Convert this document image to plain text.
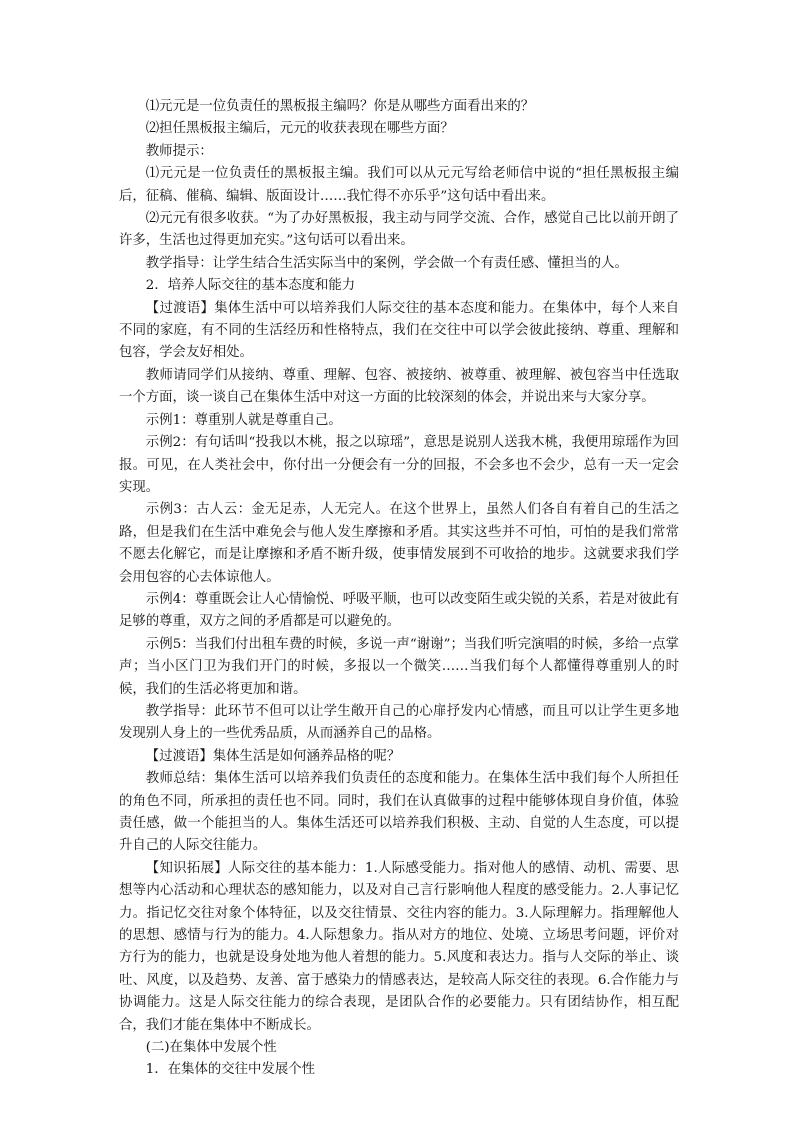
⑴元元是一位负责任的黑板报主编吗？你是从哪些方面看出来的？

⑵担任黑板报主编后，元元的收获表现在哪些方面？

教师提示：

⑴元元是一位负责任的黑板报主编。我们可以从元元写给老师信中说的“担任黑板报主编后，征稿、催稿、编辑、版面设计……我忙得不亦乐乎”这句话中看出来。

⑵元元有很多收获。“为了办好黑板报，我主动与同学交流、合作，感觉自己比以前开朗了许多，生活也过得更加充实。”这句话可以看出来。

教学指导：让学生结合生活实际当中的案例，学会做一个有责任感、懂担当的人。

2．培养人际交往的基本态度和能力

【过渡语】集体生活中可以培养我们人际交往的基本态度和能力。在集体中，每个人来自不同的家庭，有不同的生活经历和性格特点，我们在交往中可以学会彼此接纳、尊重、理解和包容，学会友好相处。

教师请同学们从接纳、尊重、理解、包容、被接纳、被尊重、被理解、被包容当中任选取一个方面，谈一谈自己在集体生活中对这一方面的比较深刻的体会，并说出来与大家分享。

示例1：尊重别人就是尊重自己。

示例2：有句话叫“投我以木桃，报之以琼瑶”，意思是说别人送我木桃，我便用琼瑶作为回报。可见，在人类社会中，你付出一分便会有一分的回报，不会多也不会少，总有一天一定会实现。

示例3：古人云：金无足赤，人无完人。在这个世界上，虽然人们各自有着自己的生活之路，但是我们在生活中难免会与他人发生摩擦和矛盾。其实这些并不可怕，可怕的是我们常常不愿去化解它，而是让摩擦和矛盾不断升级，使事情发展到不可收拾的地步。这就要求我们学会用包容的心去体谅他人。

示例4：尊重既会让人心情愉悦、呼吸平顺，也可以改变陌生或尖锐的关系，若是对彼此有足够的尊重，双方之间的矛盾都是可以避免的。

示例5：当我们付出租车费的时候，多说一声“谢谢”；当我们听完演唱的时候，多给一点掌声；当小区门卫为我们开门的时候，多报以一个微笑……当我们每个人都懂得尊重别人的时候，我们的生活必将更加和谐。

教学指导：此环节不但可以让学生敞开自己的心扉抒发内心情感，而且可以让学生更多地发现别人身上的一些优秀品质，从而涵养自己的品格。

【过渡语】集体生活是如何涵养品格的呢？

教师总结：集体生活可以培养我们负责任的态度和能力。在集体生活中我们每个人所担任的角色不同，所承担的责任也不同。同时，我们在认真做事的过程中能够体现自身价值，体验责任感，做一个能担当的人。集体生活还可以培养我们积极、主动、自觉的人生态度，可以提升自己的人际交往能力。

【知识拓展】人际交往的基本能力：1.人际感受能力。指对他人的感情、动机、需要、思想等内心活动和心理状态的感知能力，以及对自己言行影响他人程度的感受能力。2.人事记忆力。指记忆交往对象个体特征，以及交往情景、交往内容的能力。3.人际理解力。指理解他人的思想、感情与行为的能力。4.人际想象力。指从对方的地位、处境、立场思考问题，评价对方行为的能力，也就是设身处地为他人着想的能力。5.风度和表达力。指与人交际的举止、谈吐、风度，以及趋势、友善、富于感染力的情感表达，是较高人际交往的表现。6.合作能力与协调能力。这是人际交往能力的综合表现，是团队合作的必要能力。只有团结协作，相互配合，我们才能在集体中不断成长。

(二)在集体中发展个性

1．在集体的交往中发展个性
